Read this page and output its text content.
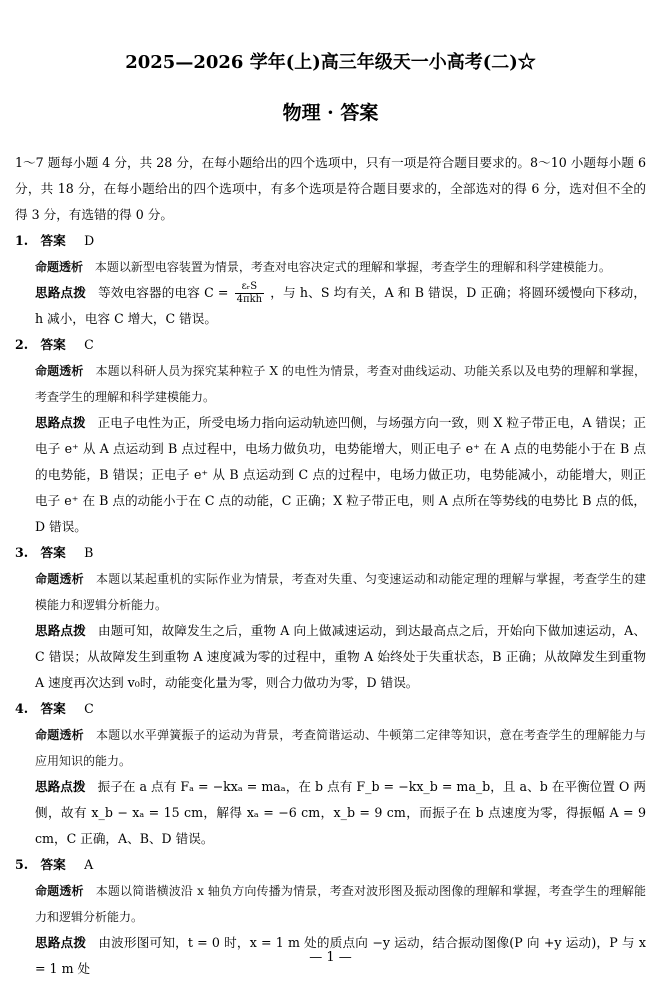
2025—2026 学年(上)高三年级天一小高考(二)☆
物理 · 答案

1～7 题每小题 4 分，共 28 分，在每小题给出的四个选项中，只有一项是符合题目要求的。8～10 小题每小题 6 分，共 18 分，在每小题给出的四个选项中，有多个选项是符合题目要求的，全部选对的得 6 分，选对但不全的得 3 分，有选错的得 0 分。

1. 答案 D

命题透析 本题以新型电容装置为情景，考查对电容决定式的理解和掌握，考查学生的理解和科学建模能力。

思路点拨 等效电容器的电容 $C = \frac{\text{εᵣS}}{\text{4πkh}}$ ，与 h、S 均有关，A 和 B 错误，D 正确；将圆环缓慢向下移动，h 减小，电容 C 增大，C 错误。

2. 答案 C

命题透析 本题以科研人员为探究某种粒子 X 的电性为情景，考查对曲线运动、功能关系以及电势的理解和掌握，考查学生的理解和科学建模能力。

思路点拨 正电子电性为正，所受电场力指向运动轨迹凹侧，与场强方向一致，则 X 粒子带正电，A 错误；正电子 e⁺ 从 A 点运动到 B 点过程中，电场力做负功，电势能增大，则正电子 e⁺ 在 A 点的电势能小于在 B 点的电势能，B 错误；正电子 e⁺ 从 B 点运动到 C 点的过程中，电场力做正功，电势能减小，动能增大，则正电子 e⁺ 在 B 点的动能小于在 C 点的动能，C 正确；X 粒子带正电，则 A 点所在等势线的电势比 B 点的低，D 错误。

3. 答案 B

命题透析 本题以某起重机的实际作业为情景，考查对失重、匀变速运动和动能定理的理解与掌握，考查学生的建模能力和逻辑分析能力。

思路点拨 由题可知，故障发生之后，重物 A 向上做减速运动，到达最高点之后，开始向下做加速运动，A、C 错误；从故障发生到重物 A 速度减为零的过程中，重物 A 始终处于失重状态，B 正确；从故障发生到重物 A 速度再次达到 v₀时，动能变化量为零，则合力做功为零，D 错误。

4. 答案 C

命题透析 本题以水平弹簧振子的运动为背景，考查简谐运动、牛顿第二定律等知识，意在考查学生的理解能力与应用知识的能力。

思路点拨 振子在 a 点有 Fₐ = −kxₐ = maₐ，在 b 点有 F_b = −kx_b = ma_b，且 a、b 在平衡位置 O 两侧，故有 x_b − xₐ = 15 cm，解得 xₐ = −6 cm，x_b = 9 cm，而振子在 b 点速度为零，得振幅 A = 9 cm，C 正确，A、B、D 错误。

5. 答案 A

命题透析 本题以简谐横波沿 x 轴负方向传播为情景，考查对波形图及振动图像的理解和掌握，考查学生的理解能力和逻辑分析能力。

思路点拨 由波形图可知，t = 0 时，x = 1 m 处的质点向 −y 运动，结合振动图像(P 向 +y 运动)，P 与 x = 1 m 处

— 1 —
